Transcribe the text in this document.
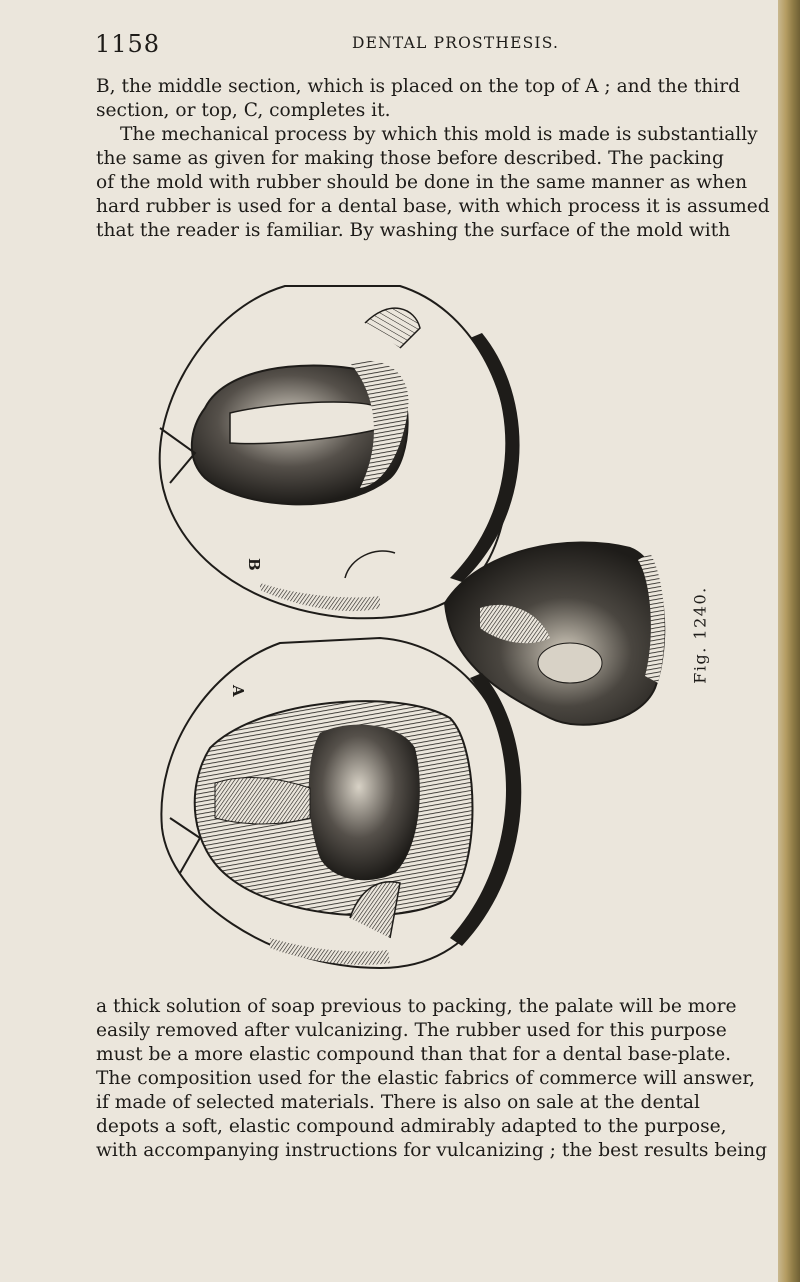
1158	DENTAL PROSTHESIS.
B, the middle section, which is placed on the top of A ; and the third
section, or top, C, completes it.
The mechanical process by which this mold is made is substantially
the same as given for making those before described. The packing
of the mold with rubber should be done in the same manner as when
hard rubber is used for a dental base, with which process it is assumed
that the reader is familiar. By washing the surface of the mold with
B
A
Fig. 1240.
a thick solution of soap previous to packing, the palate will be more
easily removed after vulcanizing. The rubber used for this purpose
must be a more elastic compound than that for a dental base-plate.
The composition used for the elastic fabrics of commerce will answer,
if made of selected materials. There is also on sale at the dental
depots a soft, elastic compound admirably adapted to the purpose,
with accompanying instructions for vulcanizing ; the best results being
